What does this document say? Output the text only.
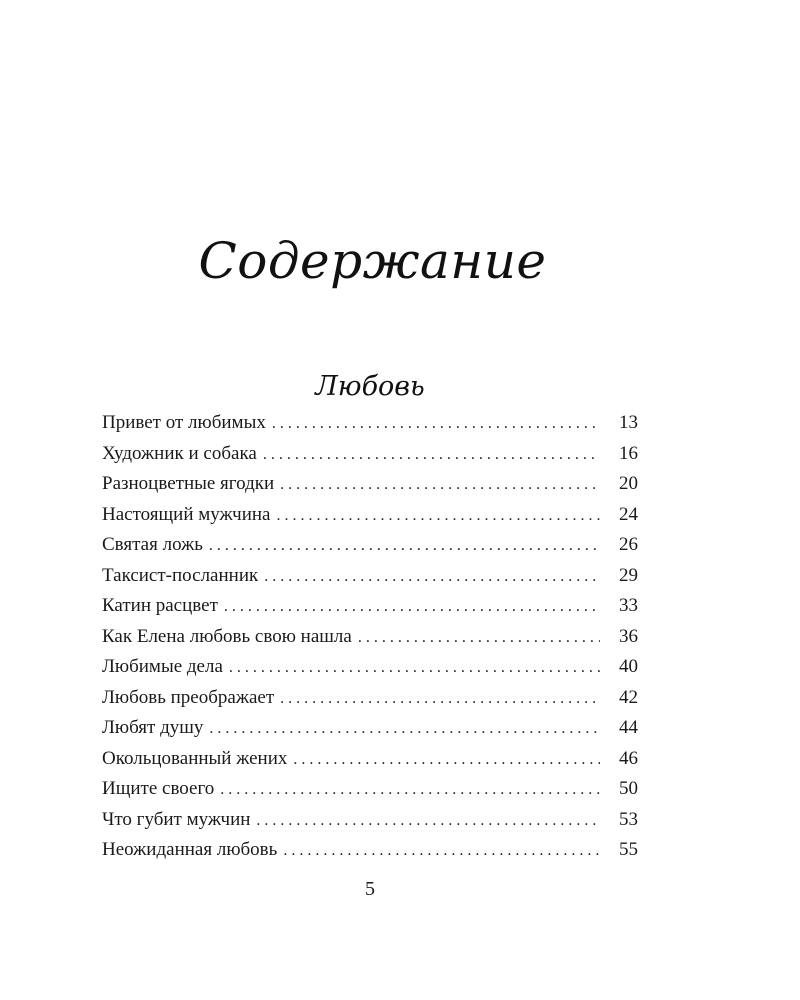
Содержание
Любовь
Привет от любимых . . .	13
Художник и собака . . .	16
Разноцветные ягодки . . .	20
Настоящий мужчина . . .	24
Святая ложь . . .	26
Таксист-посланник . . .	29
Катин расцвет . . .	33
Как Елена любовь свою нашла . . .	36
Любимые дела . . .	40
Любовь преображает . . .	42
Любят душу . . .	44
Окольцованный жених . . .	46
Ищите своего . . .	50
Что губит мужчин . . .	53
Неожиданная любовь . . .	55
5
